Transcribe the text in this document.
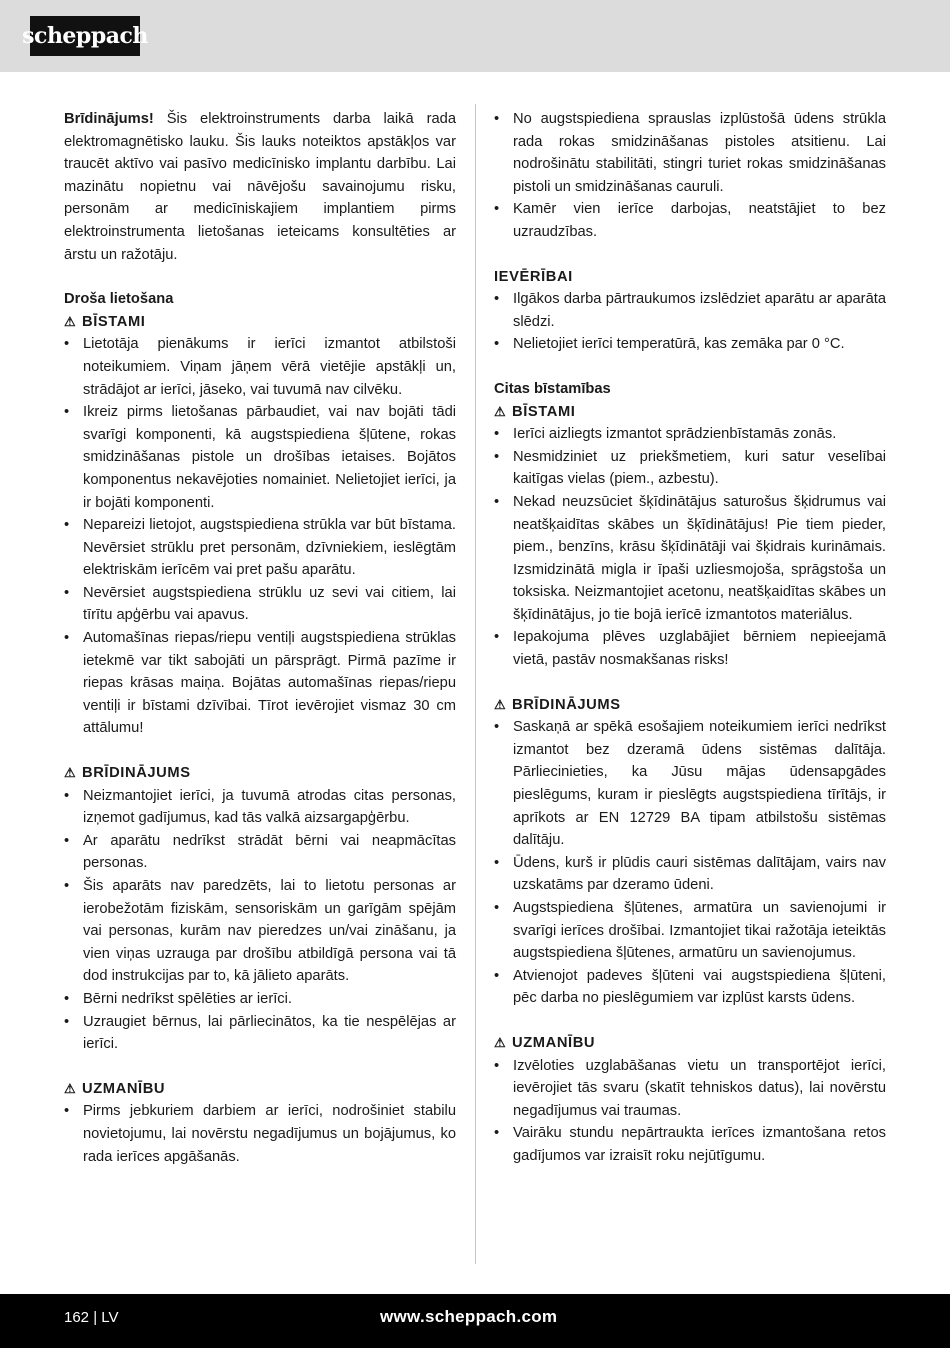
scheppach

Brīdinājums! Šis elektroinstruments darba laikā rada elektromagnētisko lauku. Šis lauks noteiktos apstākļos var traucēt aktīvo vai pasīvo medicīnisko implantu darbību. Lai mazinātu nopietnu vai nāvējošu savainojumu risku, personām ar medicīniskajiem implantiem pirms elektroinstrumenta lietošanas ieteicams konsultēties ar ārstu un ražotāju.

Droša lietošana
⚠ BĪSTAMI
• Lietotāja pienākums ir ierīci izmantot atbilstoši noteikumiem. Viņam jāņem vērā vietējie apstākļi un, strādājot ar ierīci, jāseko, vai tuvumā nav cilvēku.
• Ikreiz pirms lietošanas pārbaudiet, vai nav bojāti tādi svarīgi komponenti, kā augstspiediena šļūtene, rokas smidzināšanas pistole un drošības ietaises. Bojātos komponentus nekavējoties nomainiet. Nelietojiet ierīci, ja ir bojāti komponenti.
• Nepareizi lietojot, augstspiediena strūkla var būt bīstama. Nevērsiet strūklu pret personām, dzīvniekiem, ieslēgtām elektriskām ierīcēm vai pret pašu aparātu.
• Nevērsiet augstspiediena strūklu uz sevi vai citiem, lai tīrītu apģērbu vai apavus.
• Automašīnas riepas/riepu ventiļi augstspiediena strūklas ietekmē var tikt sabojāti un pārsprāgt. Pirmā pazīme ir riepas krāsas maiņa. Bojātas automašīnas riepas/riepu ventiļi ir bīstami dzīvībai. Tīrot ievērojiet vismaz 30 cm attālumu!
⚠ BRĪDINĀJUMS
• Neizmantojiet ierīci, ja tuvumā atrodas citas personas, izņemot gadījumus, kad tās valkā aizsargapģērbu.
• Ar aparātu nedrīkst strādāt bērni vai neapmācītas personas.
• Šis aparāts nav paredzēts, lai to lietotu personas ar ierobežotām fiziskām, sensoriskām un garīgām spējām vai personas, kurām nav pieredzes un/vai zināšanu, ja vien viņas uzrauga par drošību atbildīgā persona vai tā dod instrukcijas par to, kā jālieto aparāts.
• Bērni nedrīkst spēlēties ar ierīci.
• Uzraugiet bērnus, lai pārliecinātos, ka tie nespēlējas ar ierīci.
⚠ UZMANĪBU
• Pirms jebkuriem darbiem ar ierīci, nodrošiniet stabilu novietojumu, lai novērstu negadījumus un bojājumus, ko rada ierīces apgāšanās.
• No augstspiediena sprauslas izplūstošā ūdens strūkla rada rokas smidzināšanas pistoles atsitienu. Lai nodrošinātu stabilitāti, stingri turiet rokas smidzināšanas pistoli un smidzināšanas cauruli.
• Kamēr vien ierīce darbojas, neatstājiet to bez uzraudzības.
IEVĒRĪBAI
• Ilgākos darba pārtraukumos izslēdziet aparātu ar aparāta slēdzi.
• Nelietojiet ierīci temperatūrā, kas zemāka par 0 °C.
Citas bīstamības
⚠ BĪSTAMI
• Ierīci aizliegts izmantot sprādzienbīstamās zonās.
• Nesmidziniet uz priekšmetiem, kuri satur veselībai kaitīgas vielas (piem., azbestu).
• Nekad neuzsūciet šķīdinātājus saturošus šķidrumus vai neatšķaidītas skābes un šķīdinātājus! Pie tiem pieder, piem., benzīns, krāsu šķīdinātāji vai šķidrais kurināmais. Izsmidzinātā migla ir īpaši uzliesmojoša, sprāgstoša un toksiska. Neizmantojiet acetonu, neatšķaidītas skābes un šķīdinātājus, jo tie bojā ierīcē izmantotos materiālus.
• Iepakojuma plēves uzglabājiet bērniem nepieejamā vietā, pastāv nosmakšanas risks!
⚠ BRĪDINĀJUMS
• Saskaņā ar spēkā esošajiem noteikumiem ierīci nedrīkst izmantot bez dzeramā ūdens sistēmas dalītāja. Pārliecinieties, ka Jūsu mājas ūdensapgādes pieslēgums, kuram ir pieslēgts augstspiediena tīrītājs, ir aprīkots ar EN 12729 BA tipam atbilstošu sistēmas dalītāju.
• Ūdens, kurš ir plūdis cauri sistēmas dalītājam, vairs nav uzskatāms par dzeramo ūdeni.
• Augstspiediena šļūtenes, armatūra un savienojumi ir svarīgi ierīces drošībai. Izmantojiet tikai ražotāja ieteiktās augstspiediena šļūtenes, armatūru un savienojumus.
• Atvienojot padeves šļūteni vai augstspiediena šļūteni, pēc darba no pieslēgumiem var izplūst karsts ūdens.
⚠ UZMANĪBU
• Izvēloties uzglabāšanas vietu un transportējot ierīci, ievērojiet tās svaru (skatīt tehniskos datus), lai novērstu negadījumus vai traumas.
• Vairāku stundu nepārtraukta ierīces izmantošana retos gadījumos var izraisīt roku nejūtīgumu.
162 | LV	www.scheppach.com
